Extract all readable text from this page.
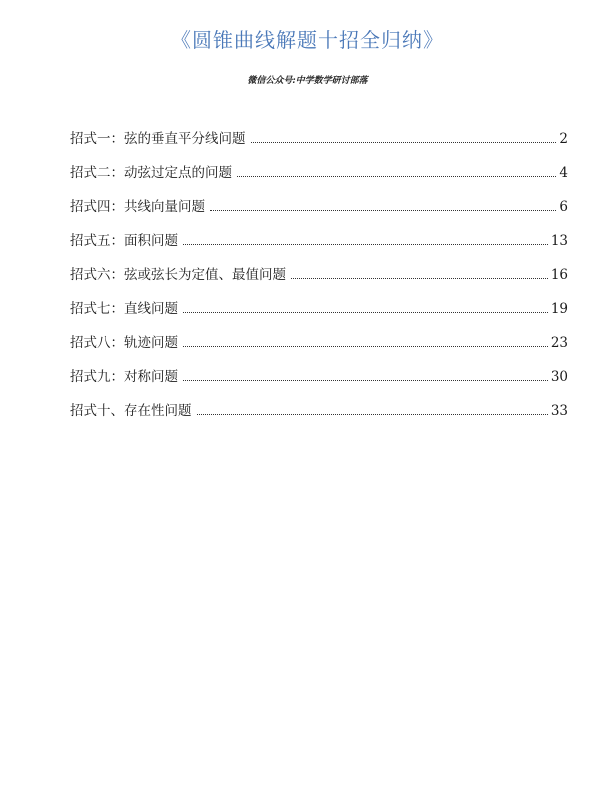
《圆锥曲线解题十招全归纳》
微信公众号:中学数学研讨部落
招式一：弦的垂直平分线问题	2
招式二：动弦过定点的问题	4
招式四：共线向量问题	6
招式五：面积问题	13
招式六：弦或弦长为定值、最值问题	16
招式七：直线问题	19
招式八：轨迹问题	23
招式九：对称问题	30
招式十、存在性问题	33
